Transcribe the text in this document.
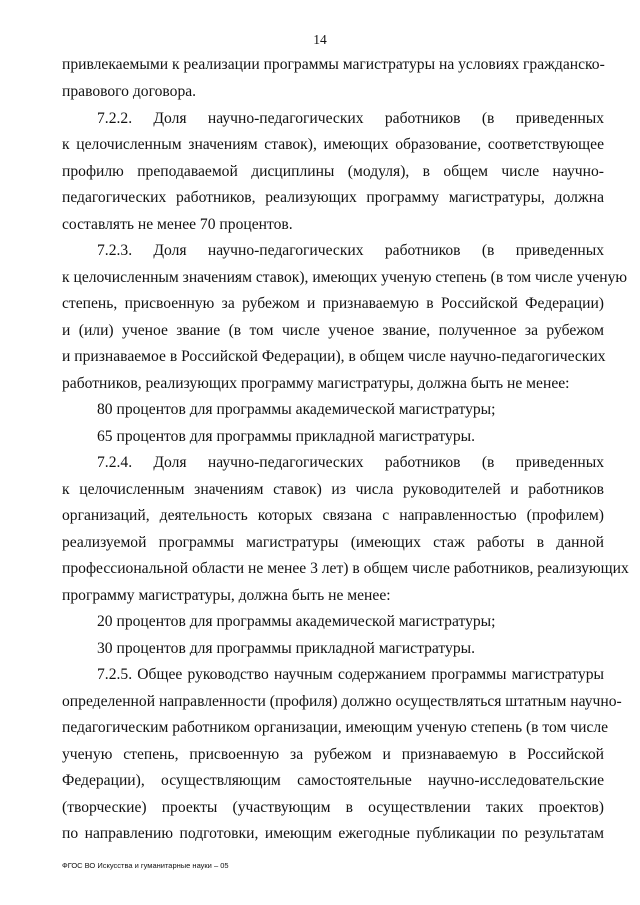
14
привлекаемыми к реализации программы магистратуры на условиях гражданско-
правового договора.
7.2.2. Доля научно-педагогических работников (в приведенных
к целочисленным значениям ставок), имеющих образование, соответствующее
профилю преподаваемой дисциплины (модуля), в общем числе научно-
педагогических работников, реализующих программу магистратуры, должна
составлять не менее 70 процентов.
7.2.3. Доля научно-педагогических работников (в приведенных
к целочисленным значениям ставок), имеющих ученую степень (в том числе ученую
степень, присвоенную за рубежом и признаваемую в Российской Федерации)
и (или) ученое звание (в том числе ученое звание, полученное за рубежом
и признаваемое в Российской Федерации), в общем числе научно-педагогических
работников, реализующих программу магистратуры, должна быть не менее:
80 процентов для программы академической магистратуры;
65 процентов для программы прикладной магистратуры.
7.2.4. Доля научно-педагогических работников (в приведенных
к целочисленным значениям ставок) из числа руководителей и работников
организаций, деятельность которых связана с направленностью (профилем)
реализуемой программы магистратуры (имеющих стаж работы в данной
профессиональной области не менее 3 лет) в общем числе работников, реализующих
программу магистратуры, должна быть не менее:
20 процентов для программы академической магистратуры;
30 процентов для программы прикладной магистратуры.
7.2.5. Общее руководство научным содержанием программы магистратуры
определенной направленности (профиля) должно осуществляться штатным научно-
педагогическим работником организации, имеющим ученую степень (в том числе
ученую степень, присвоенную за рубежом и признаваемую в Российской
Федерации), осуществляющим самостоятельные научно-исследовательские
(творческие) проекты (участвующим в осуществлении таких проектов)
по направлению подготовки, имеющим ежегодные публикации по результатам
ФГОС ВО Искусства и гуманитарные науки – 05
